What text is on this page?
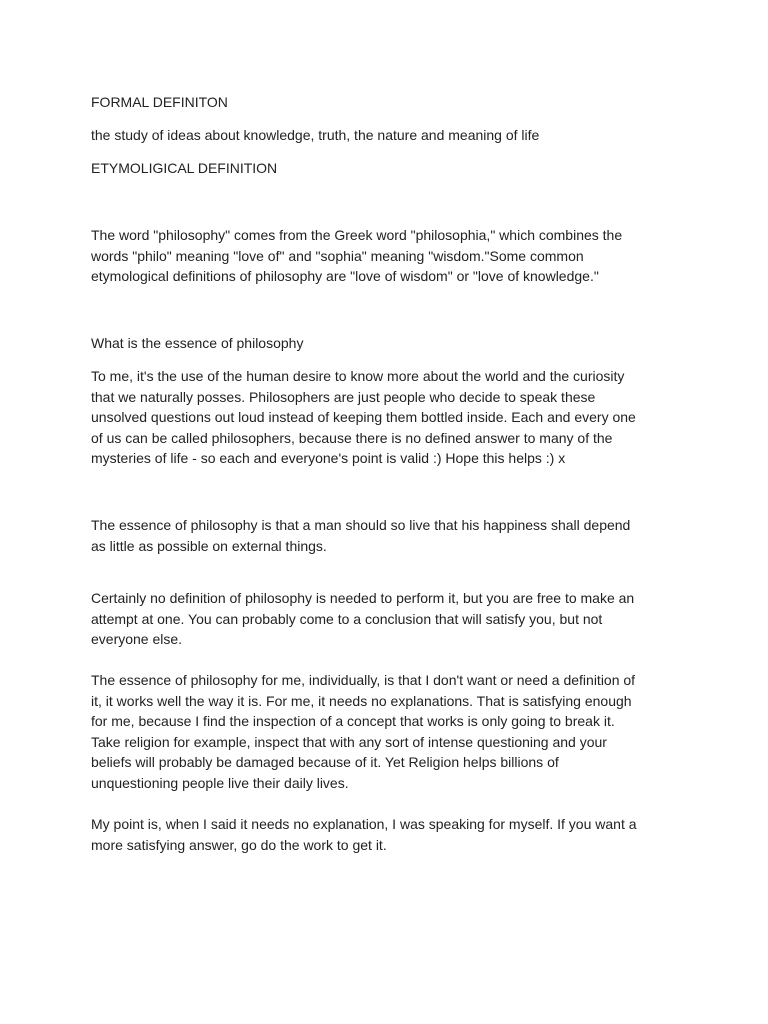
FORMAL DEFINITON
the study of ideas about knowledge, truth, the nature and meaning of life
ETYMOLIGICAL DEFINITION
The word "philosophy" comes from the Greek word "philosophia," which combines the
words "philo" meaning "love of" and "sophia" meaning "wisdom."Some common
etymological definitions of philosophy are "love of wisdom" or "love of knowledge."
What is the essence of philosophy
To me, it's the use of the human desire to know more about the world and the curiosity
that we naturally posses. Philosophers are just people who decide to speak these
unsolved questions out loud instead of keeping them bottled inside. Each and every one
of us can be called philosophers, because there is no defined answer to many of the
mysteries of life - so each and everyone's point is valid :) Hope this helps :) x
The essence of philosophy is that a man should so live that his happiness shall depend
as little as possible on external things.
Certainly no definition of philosophy is needed to perform it, but you are free to make an
attempt at one. You can probably come to a conclusion that will satisfy you, but not
everyone else.
The essence of philosophy for me, individually, is that I don't want or need a definition of
it, it works well the way it is. For me, it needs no explanations. That is satisfying enough
for me, because I find the inspection of a concept that works is only going to break it.
Take religion for example, inspect that with any sort of intense questioning and your
beliefs will probably be damaged because of it. Yet Religion helps billions of
unquestioning people live their daily lives.
My point is, when I said it needs no explanation, I was speaking for myself. If you want a
more satisfying answer, go do the work to get it.
